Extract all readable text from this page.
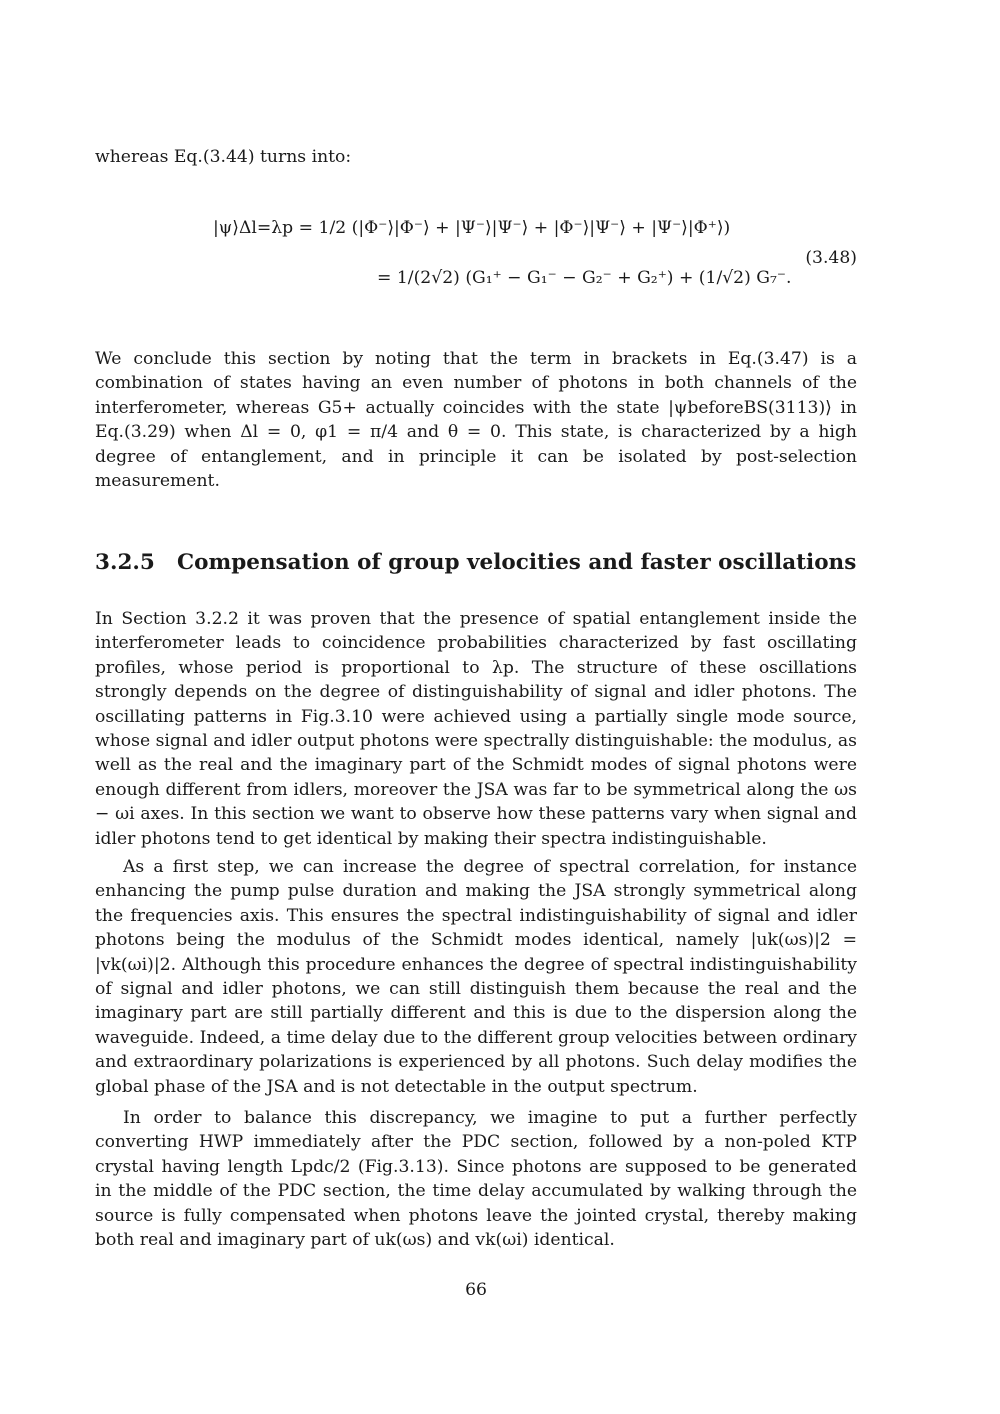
whereas Eq.(3.44) turns into:

|ψ⟩Δl=λp = 1/2 (|Φ⁻⟩|Φ⁻⟩ + |Ψ⁻⟩|Ψ⁻⟩ + |Φ⁻⟩|Ψ⁻⟩ + |Ψ⁻⟩|Φ⁺⟩)
= 1/(2√2) (G₁⁺ − G₁⁻ − G₂⁻ + G₂⁺) + (1/√2) G₇⁻.
(3.48)

We conclude this section by noting that the term in brackets in Eq.(3.47) is a combination of states having an even number of photons in both channels of the interferometer, whereas G5+ actually coincides with the state |ψbeforeBS(3113)⟩ in Eq.(3.29) when Δl = 0, φ1 = π/4 and θ = 0. This state, is characterized by a high degree of entanglement, and in principle it can be isolated by post-selection measurement.

3.2.5 Compensation of group velocities and faster oscillations

In Section 3.2.2 it was proven that the presence of spatial entanglement inside the interferometer leads to coincidence probabilities characterized by fast oscillating profiles, whose period is proportional to λp. The structure of these oscillations strongly depends on the degree of distinguishability of signal and idler photons. The oscillating patterns in Fig.3.10 were achieved using a partially single mode source, whose signal and idler output photons were spectrally distinguishable: the modulus, as well as the real and the imaginary part of the Schmidt modes of signal photons were enough different from idlers, moreover the JSA was far to be symmetrical along the ωs − ωi axes. In this section we want to observe how these patterns vary when signal and idler photons tend to get identical by making their spectra indistinguishable.

As a first step, we can increase the degree of spectral correlation, for instance enhancing the pump pulse duration and making the JSA strongly symmetrical along the frequencies axis. This ensures the spectral indistinguishability of signal and idler photons being the modulus of the Schmidt modes identical, namely |uk(ωs)|2 = |vk(ωi)|2. Although this procedure enhances the degree of spectral indistinguishability of signal and idler photons, we can still distinguish them because the real and the imaginary part are still partially different and this is due to the dispersion along the waveguide. Indeed, a time delay due to the different group velocities between ordinary and extraordinary polarizations is experienced by all photons. Such delay modifies the global phase of the JSA and is not detectable in the output spectrum.

In order to balance this discrepancy, we imagine to put a further perfectly converting HWP immediately after the PDC section, followed by a non-poled KTP crystal having length Lpdc/2 (Fig.3.13). Since photons are supposed to be generated in the middle of the PDC section, the time delay accumulated by walking through the source is fully compensated when photons leave the jointed crystal, thereby making both real and imaginary part of uk(ωs) and vk(ωi) identical.

66
